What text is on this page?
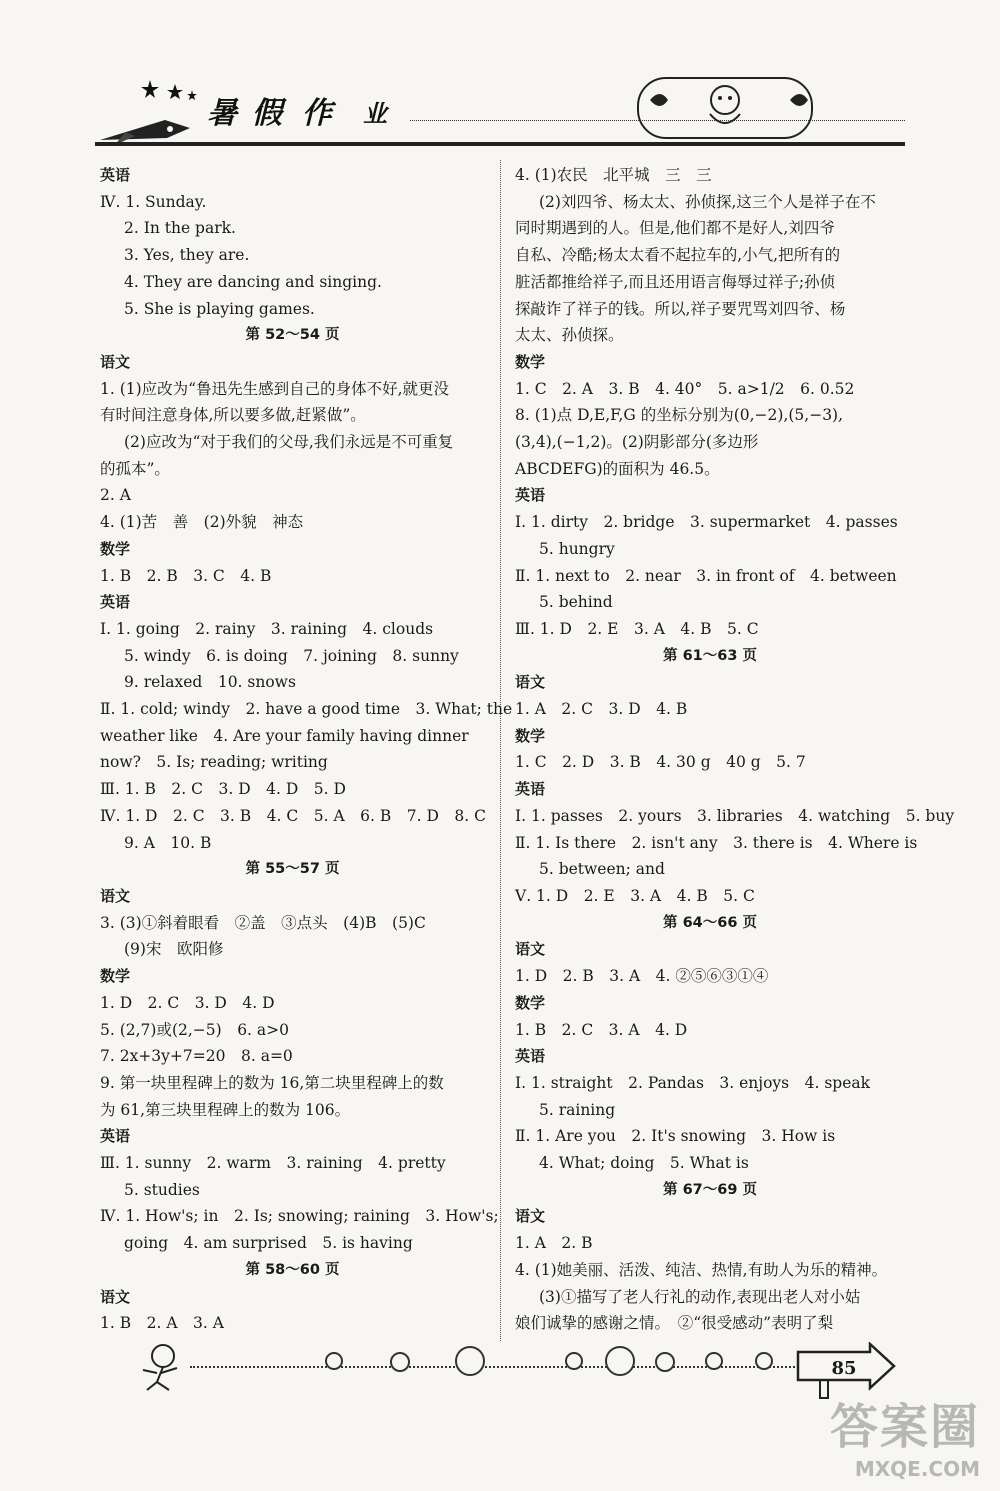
暑 假 作	业
英语
Ⅳ. 1. Sunday.
2. In the park.
3. Yes, they are.
4. They are dancing and singing.
5. She is playing games.
第 52～54 页
语文
1. (1)应改为“鲁迅先生感到自己的身体不好,就更没
有时间注意身体,所以要多做,赶紧做”。
(2)应改为“对于我们的父母,我们永远是不可重复
的孤本”。
2. A
4. (1)苦　善　(2)外貌　神态
数学
1. B　2. B　3. C　4. B
英语
Ⅰ. 1. going　2. rainy　3. raining　4. clouds
5. windy　6. is doing　7. joining　8. sunny
9. relaxed　10. snows
Ⅱ. 1. cold; windy　2. have a good time　3. What; the
weather like　4. Are your family having dinner
now?　5. Is; reading; writing
Ⅲ. 1. B　2. C　3. D　4. D　5. D
Ⅳ. 1. D　2. C　3. B　4. C　5. A　6. B　7. D　8. C
9. A　10. B
第 55～57 页
语文
3. (3)①斜着眼看　②盖　③点头　(4)B　(5)C
(9)宋　欧阳修
数学
1. D　2. C　3. D　4. D
5. (2,7)或(2,−5)　6. a>0
7. 2x+3y+7=20　8. a=0
9. 第一块里程碑上的数为 16,第二块里程碑上的数
为 61,第三块里程碑上的数为 106。
英语
Ⅲ. 1. sunny　2. warm　3. raining　4. pretty
5. studies
Ⅳ. 1. How's; in　2. Is; snowing; raining　3. How's;
going　4. am surprised　5. is having
第 58～60 页
语文
1. B　2. A　3. A
4. (1)农民　北平城　三　三
(2)刘四爷、杨太太、孙侦探,这三个人是祥子在不
同时期遇到的人。但是,他们都不是好人,刘四爷
自私、冷酷;杨太太看不起拉车的,小气,把所有的
脏活都推给祥子,而且还用语言侮辱过祥子;孙侦
探敲诈了祥子的钱。所以,祥子要咒骂刘四爷、杨
太太、孙侦探。
数学
1. C　2. A　3. B　4. 40°　5. a>1/2　6. 0.52
8. (1)点 D,E,F,G 的坐标分别为(0,−2),(5,−3),
(3,4),(−1,2)。(2)阴影部分(多边形
ABCDEFG)的面积为 46.5。
英语
Ⅰ. 1. dirty　2. bridge　3. supermarket　4. passes
5. hungry
Ⅱ. 1. next to　2. near　3. in front of　4. between
5. behind
Ⅲ. 1. D　2. E　3. A　4. B　5. C
第 61～63 页
语文
1. A　2. C　3. D　4. B
数学
1. C　2. D　3. B　4. 30 g　40 g　5. 7
英语
Ⅰ. 1. passes　2. yours　3. libraries　4. watching　5. buy
Ⅱ. 1. Is there　2. isn't any　3. there is　4. Where is
5. between; and
Ⅴ. 1. D　2. E　3. A　4. B　5. C
第 64～66 页
语文
1. D　2. B　3. A　4. ②⑤⑥③①④
数学
1. B　2. C　3. A　4. D
英语
Ⅰ. 1. straight　2. Pandas　3. enjoys　4. speak
5. raining
Ⅱ. 1. Are you　2. It's snowing　3. How is
4. What; doing　5. What is
第 67～69 页
语文
1. A　2. B
4. (1)她美丽、活泼、纯洁、热情,有助人为乐的精神。
(3)①描写了老人行礼的动作,表现出老人对小姑
娘们诚挚的感谢之情。　②“很受感动”表明了梨
85
答案圈
MXQE.COM
